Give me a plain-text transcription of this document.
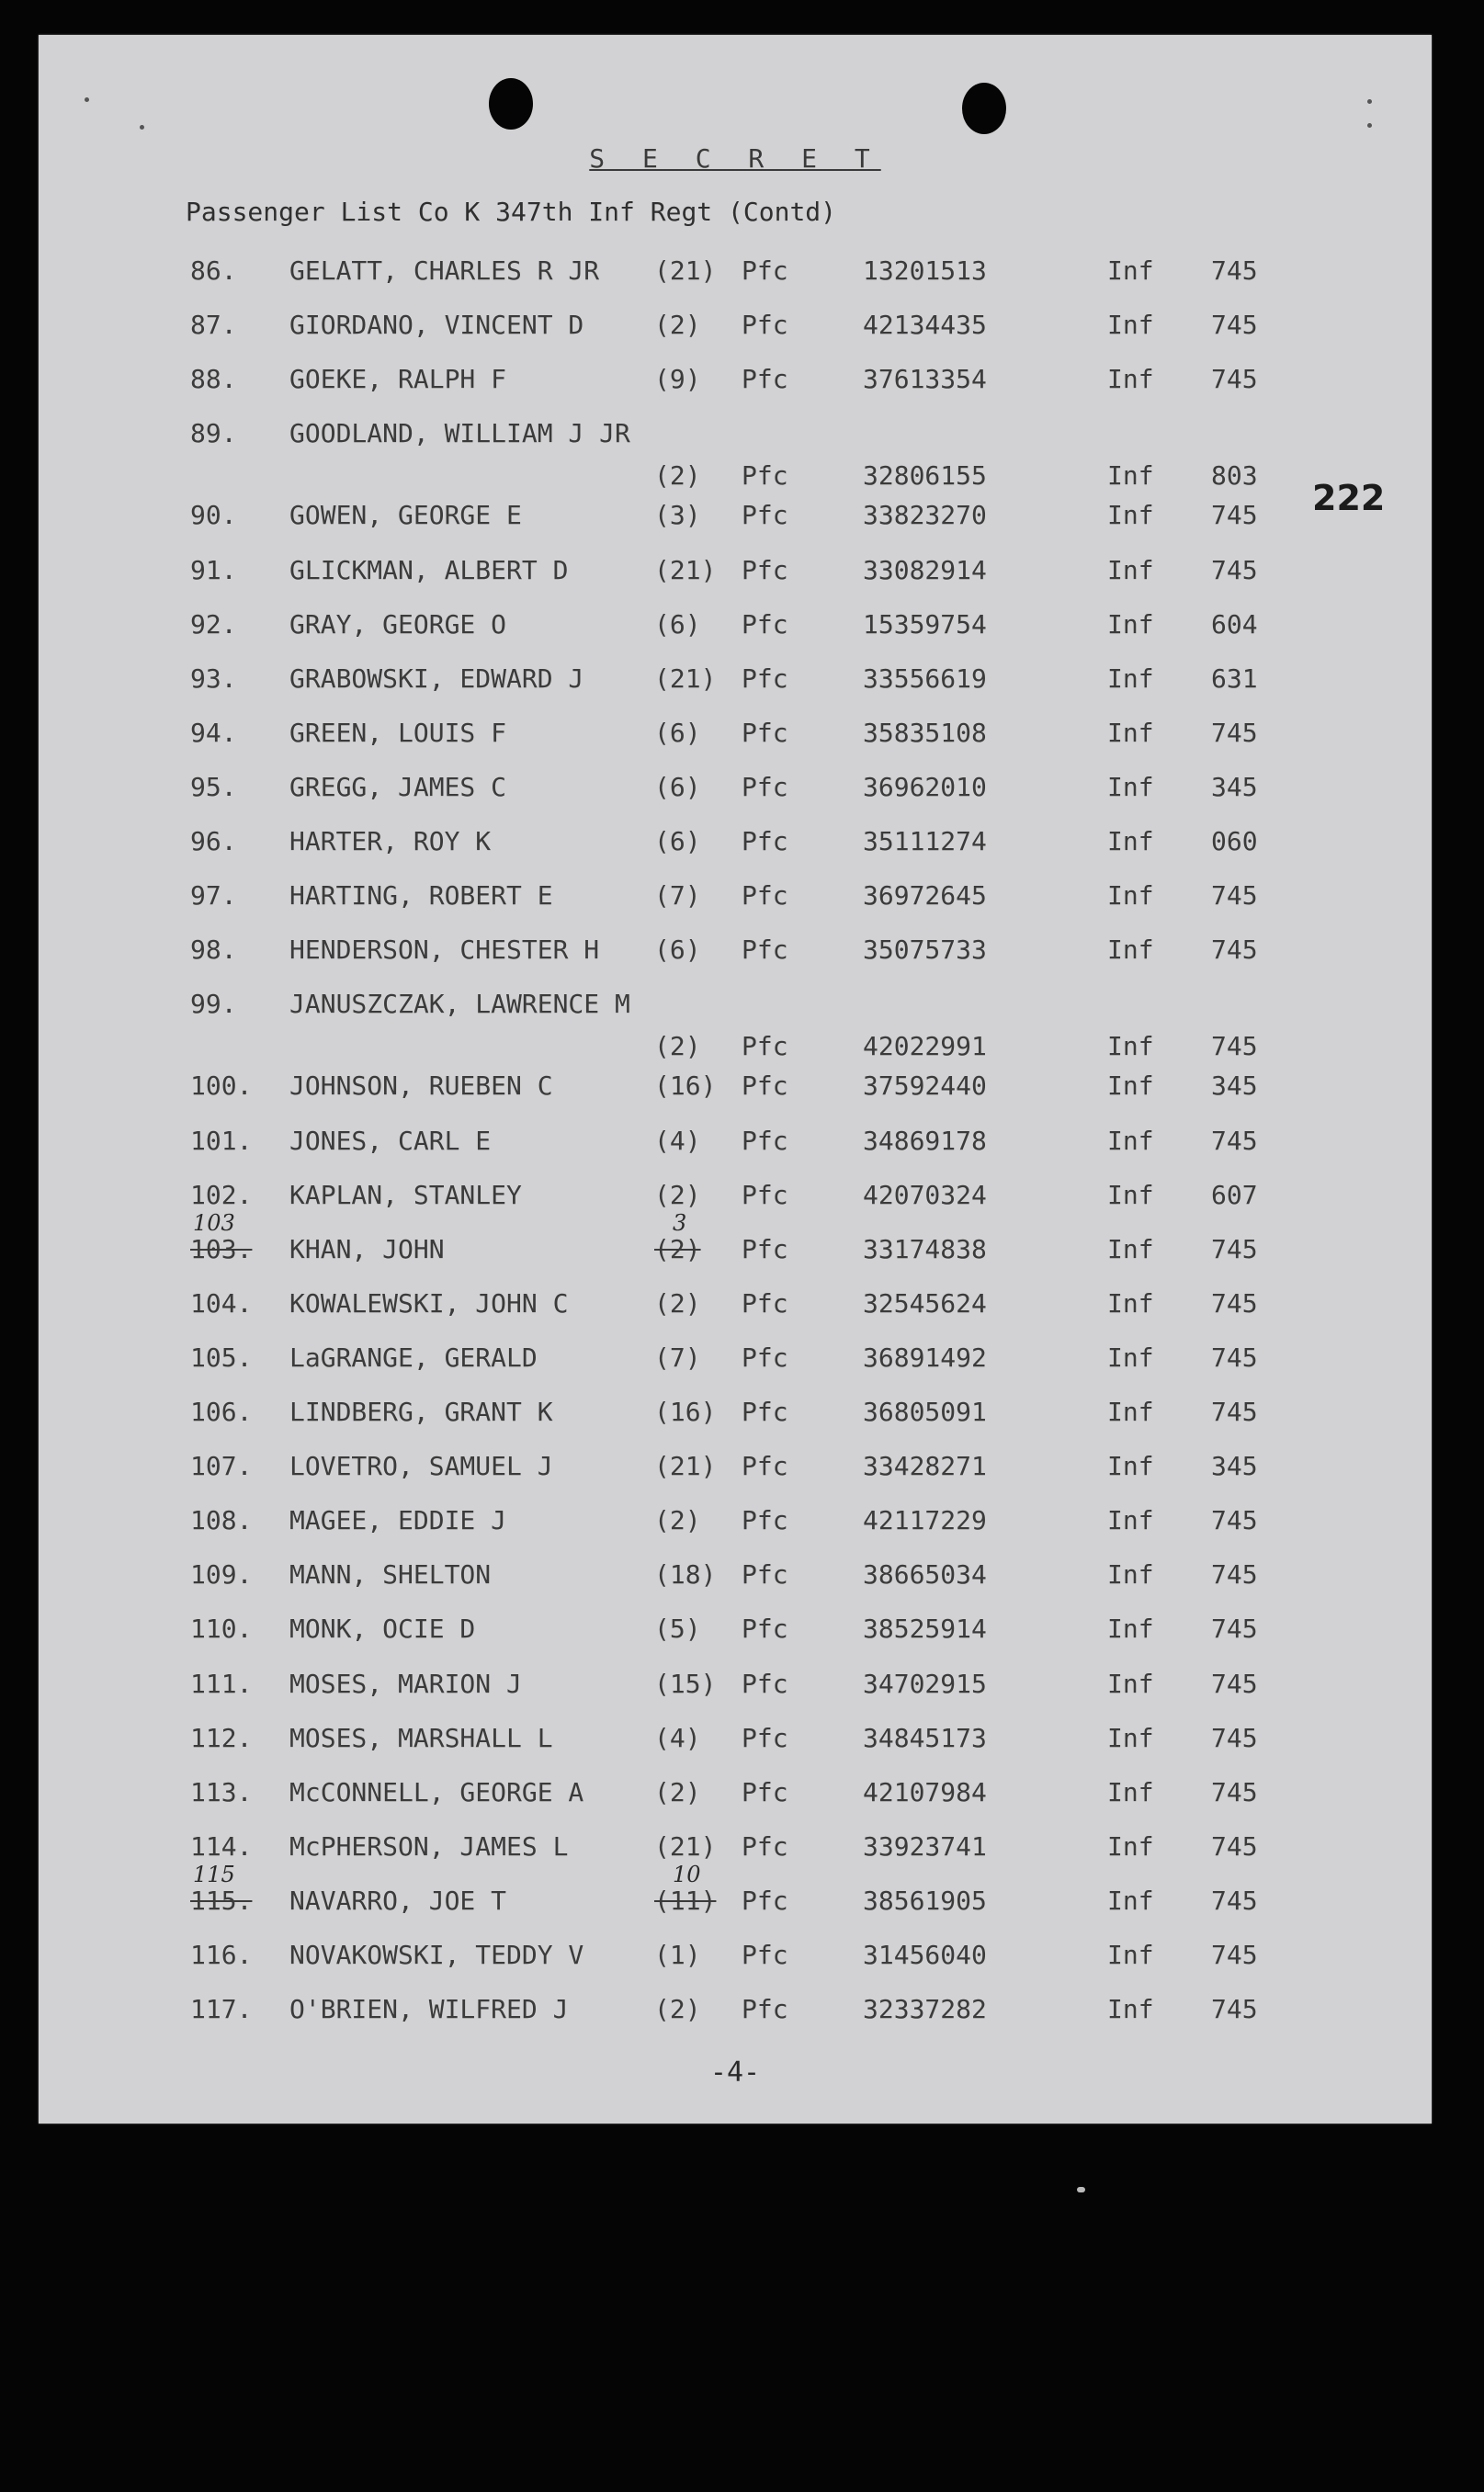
S E C R E T
Passenger List Co K 347th Inf Regt (Contd)
222
86. GELATT, CHARLES R JR (21) Pfc	13201513	Inf 745
87. GIORDANO, VINCENT D	(2) Pfc	42134435	Inf 745
88. GOEKE, RALPH F	(9) Pfc	37613354	Inf 745
89. GOODLAND, WILLIAM J JR
(2) Pfc	32806155	Inf 803
90. GOWEN, GEORGE E	(3) Pfc	33823270	Inf 745
91. GLICKMAN, ALBERT D	(21) Pfc	33082914	Inf 745
92. GRAY, GEORGE O	(6) Pfc	15359754	Inf 604
93. GRABOWSKI, EDWARD J	(21) Pfc	33556619	Inf 631
94. GREEN, LOUIS F	(6) Pfc	35835108	Inf 745
95. GREGG, JAMES C	(6) Pfc	36962010	Inf 345
96. HARTER, ROY K	(6) Pfc	35111274	Inf 060
97. HARTING, ROBERT E	(7) Pfc	36972645	Inf 745
98. HENDERSON, CHESTER H (6) Pfc	35075733	Inf 745
99. JANUSZCZAK, LAWRENCE M
(2) Pfc	42022991	Inf 745
100. JOHNSON, RUEBEN C	(16) Pfc	37592440	Inf 345
101. JONES, CARL E	(4) Pfc	34869178	Inf 745
102. KAPLAN, STANLEY	(2) Pfc	42070324	Inf 607
103. KHAN, JOHN	(2) Pfc	33174838	Inf 745
103	3
104. KOWALEWSKI, JOHN C	(2) Pfc	32545624	Inf 745
105. LaGRANGE, GERALD	(7) Pfc	36891492	Inf 745
106. LINDBERG, GRANT K	(16) Pfc	36805091	Inf 745
107. LOVETRO, SAMUEL J	(21) Pfc	33428271	Inf 345
108. MAGEE, EDDIE J	(2) Pfc	42117229	Inf 745
109. MANN, SHELTON	(18) Pfc	38665034	Inf 745
110. MONK, OCIE D	(5) Pfc	38525914	Inf 745
111. MOSES, MARION J	(15) Pfc	34702915	Inf 745
112. MOSES, MARSHALL L	(4) Pfc	34845173	Inf 745
113. McCONNELL, GEORGE A	(2) Pfc	42107984	Inf 745
114. McPHERSON, JAMES L	(21) Pfc	33923741	Inf 745
115. NAVARRO, JOE T	(11) Pfc	38561905	Inf 745
115	10
116. NOVAKOWSKI, TEDDY V	(1) Pfc	31456040	Inf 745
117. O'BRIEN, WILFRED J	(2) Pfc	32337282	Inf 745
-4-
